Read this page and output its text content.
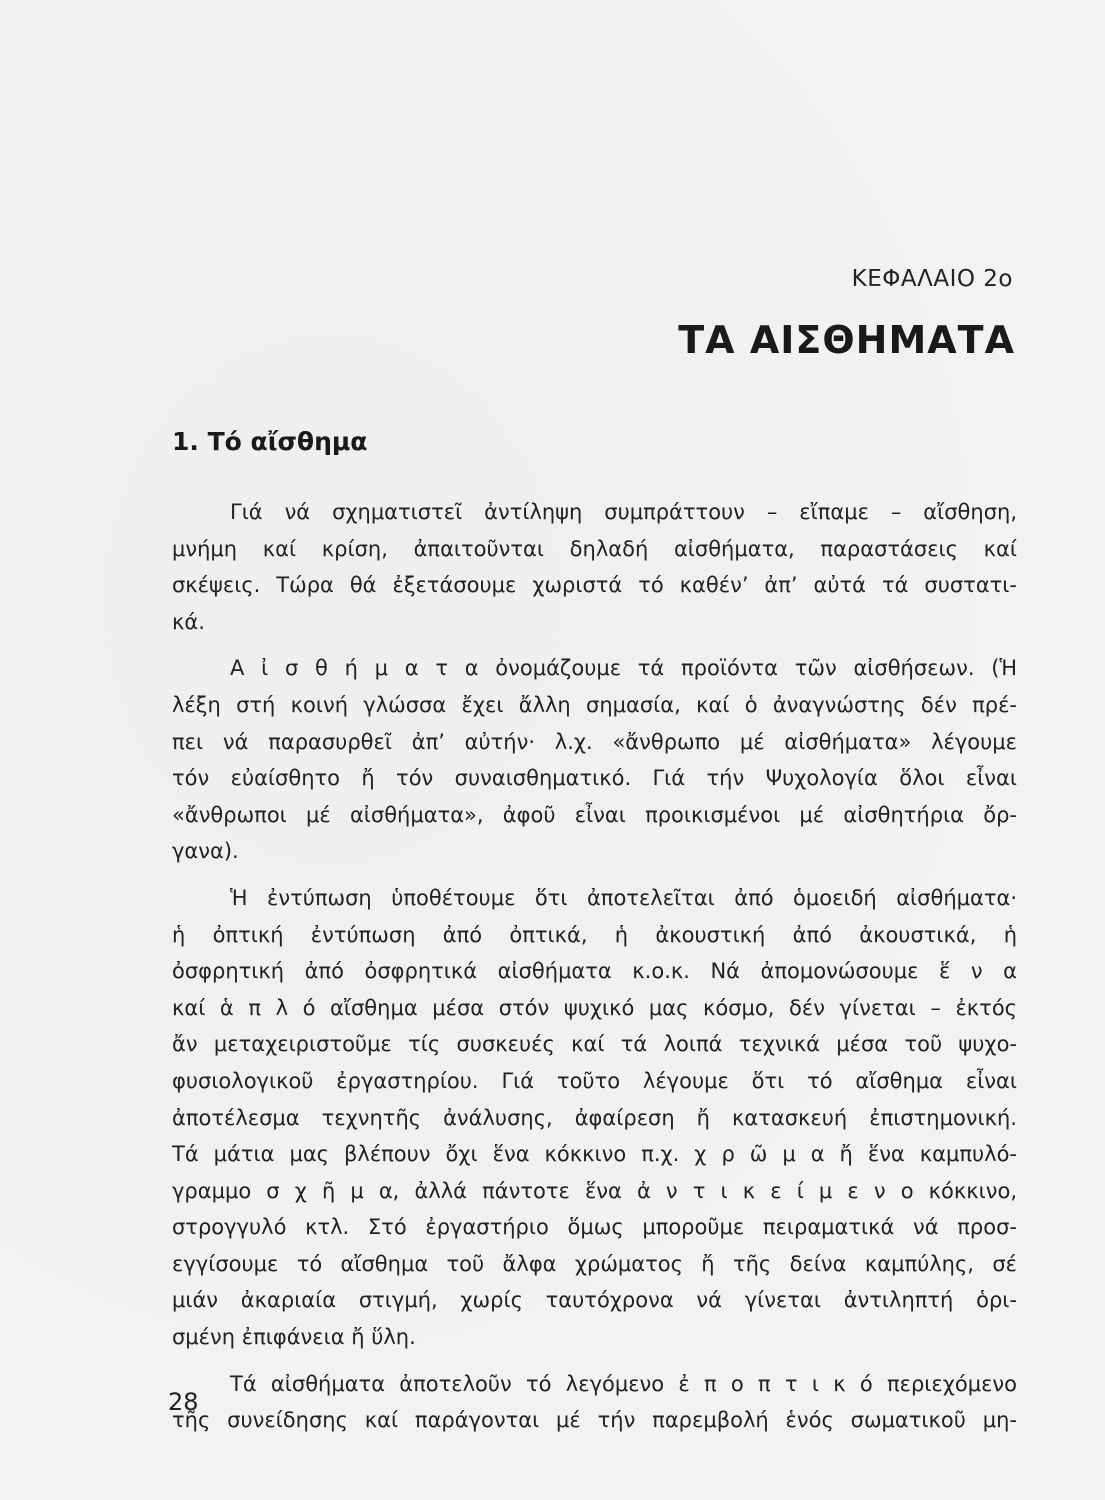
ΚΕΦΑΛΑΙΟ 2ο
ΤΑ ΑΙΣΘΗΜΑΤΑ
1. Τό αἴσθημα
Γιά νά σχηματιστεῖ ἀντίληψη συμπράττουν – εἴπαμε – αἴσθηση,
μνήμη καί κρίση, ἀπαιτοῦνται δηλαδή αἰσθήματα, παραστάσεις καί
σκέψεις. Τώρα θά ἐξετάσουμε χωριστά τό καθέν’ ἀπ’ αὐτά τά συστατι-
κά.
Α ἰ σ θ ή μ α τ α ὀνομάζουμε τά προϊόντα τῶν αἰσθήσεων. (Ἡ
λέξη στή κοινή γλώσσα ἔχει ἄλλη σημασία, καί ὁ ἀναγνώστης δέν πρέ-
πει νά παρασυρθεῖ ἀπ’ αὐτήν· λ.χ. «ἄνθρωπο μέ αἰσθήματα» λέγουμε
τόν εὐαίσθητο ἤ τόν συναισθηματικό. Γιά τήν Ψυχολογία ὅλοι εἶναι
«ἄνθρωποι μέ αἰσθήματα», ἀφοῦ εἶναι προικισμένοι μέ αἰσθητήρια ὄρ-
γανα).
Ἡ ἐντύπωση ὑποθέτουμε ὅτι ἀποτελεῖται ἀπό ὁμοειδή αἰσθήματα·
ἡ ὀπτική ἐντύπωση ἀπό ὀπτικά, ἡ ἀκουστική ἀπό ἀκουστικά, ἡ
ὀσφρητική ἀπό ὀσφρητικά αἰσθήματα κ.ο.κ. Νά ἀπομονώσουμε ἕ ν α
καί ἁ π λ ό αἴσθημα μέσα στόν ψυχικό μας κόσμο, δέν γίνεται – ἐκτός
ἄν μεταχειριστοῦμε τίς συσκευές καί τά λοιπά τεχνικά μέσα τοῦ ψυχο-
φυσιολογικοῦ ἐργαστηρίου. Γιά τοῦτο λέγουμε ὅτι τό αἴσθημα εἶναι
ἀποτέλεσμα τεχνητῆς ἀνάλυσης, ἀφαίρεση ἤ κατασκευή ἐπιστημονική.
Τά μάτια μας βλέπουν ὄχι ἕνα κόκκινο π.χ. χ ρ ῶ μ α ἤ ἕνα καμπυλό-
γραμμο σ χ ῆ μ α, ἀλλά πάντοτε ἕνα ἀ ν τ ι κ ε ί μ ε ν ο κόκκινο,
στρογγυλό κτλ. Στό ἐργαστήριο ὅμως μποροῦμε πειραματικά νά προσ-
εγγίσουμε τό αἴσθημα τοῦ ἄλφα χρώματος ἤ τῆς δείνα καμπύλης, σέ
μιάν ἀκαριαία στιγμή, χωρίς ταυτόχρονα νά γίνεται ἀντιληπτή ὁρι-
σμένη ἐπιφάνεια ἤ ὕλη.
Τά αἰσθήματα ἀποτελοῦν τό λεγόμενο ἐ π ο π τ ι κ ό περιεχόμενο
τῆς συνείδησης καί παράγονται μέ τήν παρεμβολή ἑνός σωματικοῦ μη-
28
